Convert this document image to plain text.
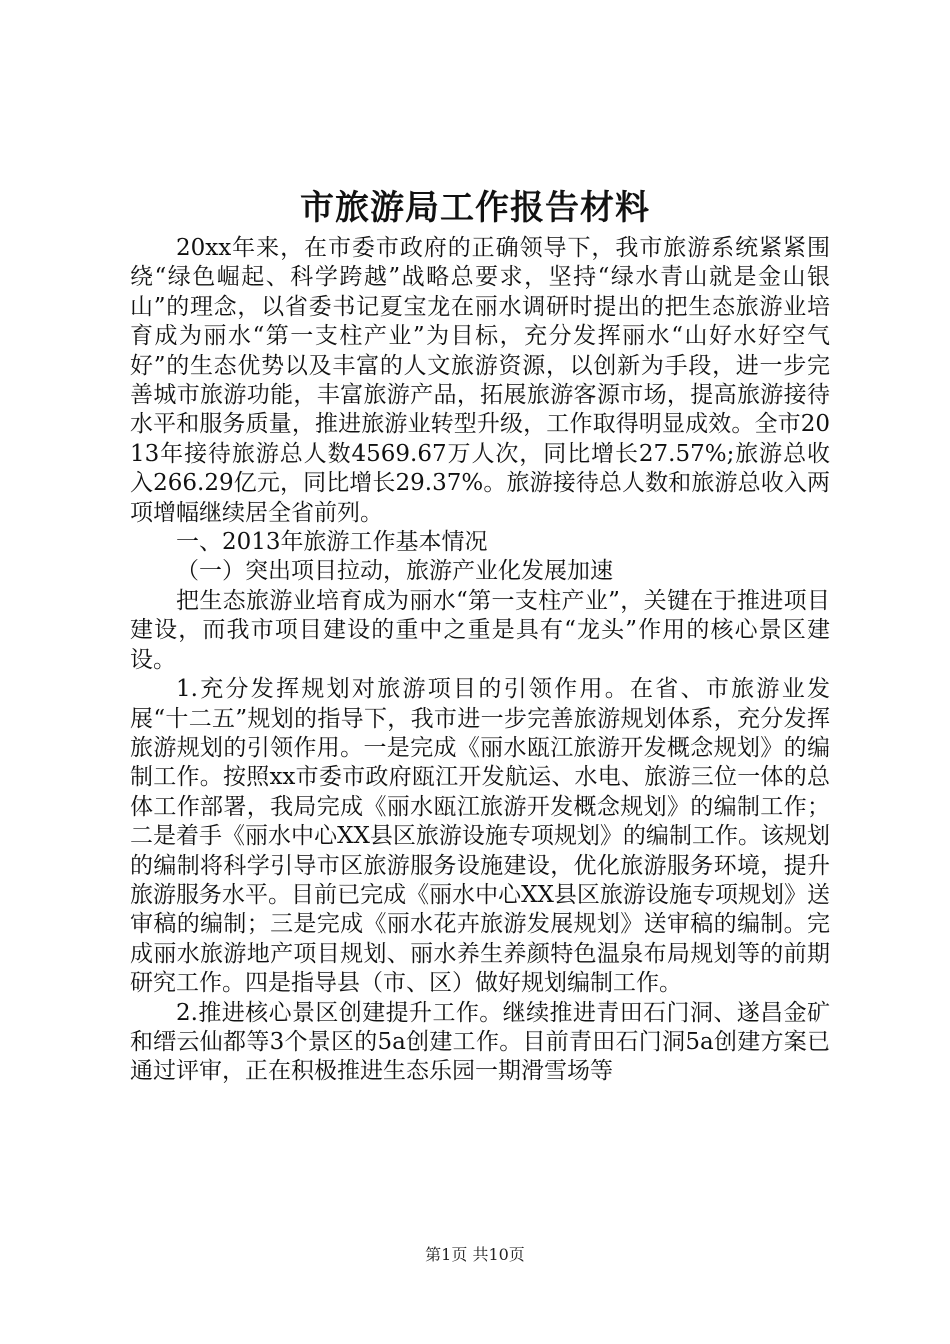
市旅游局工作报告材料

20xx年来，在市委市政府的正确领导下，我市旅游系统紧紧围绕“绿色崛起、科学跨越”战略总要求，坚持“绿水青山就是金山银山”的理念，以省委书记夏宝龙在丽水调研时提出的把生态旅游业培育成为丽水“第一支柱产业”为目标，充分发挥丽水“山好水好空气好”的生态优势以及丰富的人文旅游资源，以创新为手段，进一步完善城市旅游功能，丰富旅游产品，拓展旅游客源市场，提高旅游接待水平和服务质量，推进旅游业转型升级，工作取得明显成效。全市2013年接待旅游总人数4569.67万人次，同比增长27.57%;旅游总收入266.29亿元，同比增长29.37%。旅游接待总人数和旅游总收入两项增幅继续居全省前列。

一、2013年旅游工作基本情况

（一）突出项目拉动，旅游产业化发展加速

把生态旅游业培育成为丽水“第一支柱产业”，关键在于推进项目建设，而我市项目建设的重中之重是具有“龙头”作用的核心景区建设。

1.充分发挥规划对旅游项目的引领作用。在省、市旅游业发展“十二五”规划的指导下，我市进一步完善旅游规划体系，充分发挥旅游规划的引领作用。一是完成《丽水瓯江旅游开发概念规划》的编制工作。按照xx市委市政府瓯江开发航运、水电、旅游三位一体的总体工作部署，我局完成《丽水瓯江旅游开发概念规划》的编制工作；二是着手《丽水中心XX县区旅游设施专项规划》的编制工作。该规划的编制将科学引导市区旅游服务设施建设，优化旅游服务环境，提升旅游服务水平。目前已完成《丽水中心XX县区旅游设施专项规划》送审稿的编制；三是完成《丽水花卉旅游发展规划》送审稿的编制。完成丽水旅游地产项目规划、丽水养生养颜特色温泉布局规划等的前期研究工作。四是指导县（市、区）做好规划编制工作。

2.推进核心景区创建提升工作。继续推进青田石门洞、遂昌金矿和缙云仙都等3个景区的5a创建工作。目前青田石门洞5a创建方案已通过评审，正在积极推进生态乐园一期滑雪场等

第1页 共10页
